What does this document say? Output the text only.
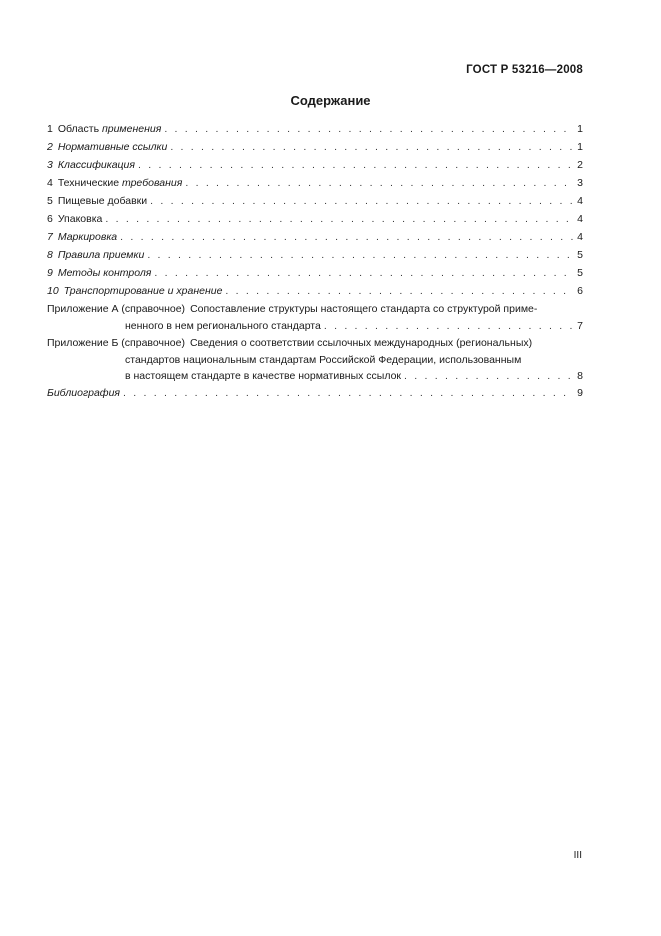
ГОСТ Р 53216—2008
Содержание
1 Область применения . . .	1
2 Нормативные ссылки . . .	1
3 Классификация . . .	2
4 Технические требования . . .	3
5 Пищевые добавки . . .	4
6 Упаковка . . .	4
7 Маркировка . . .	4
8 Правила приемки . . .	5
9 Методы контроля . . .	5
10 Транспортирование и хранение . . .	6
Приложение А (справочное) Сопоставление структуры настоящего стандарта со структурой приме-
ненного в нем регионального стандарта . . .	7
Приложение Б (справочное) Сведения о соответствии ссылочных международных (региональных)
стандартов национальным стандартам Российской Федерации, использованным
в настоящем стандарте в качестве нормативных ссылок . . .	8
Библиография . . .	9
III
